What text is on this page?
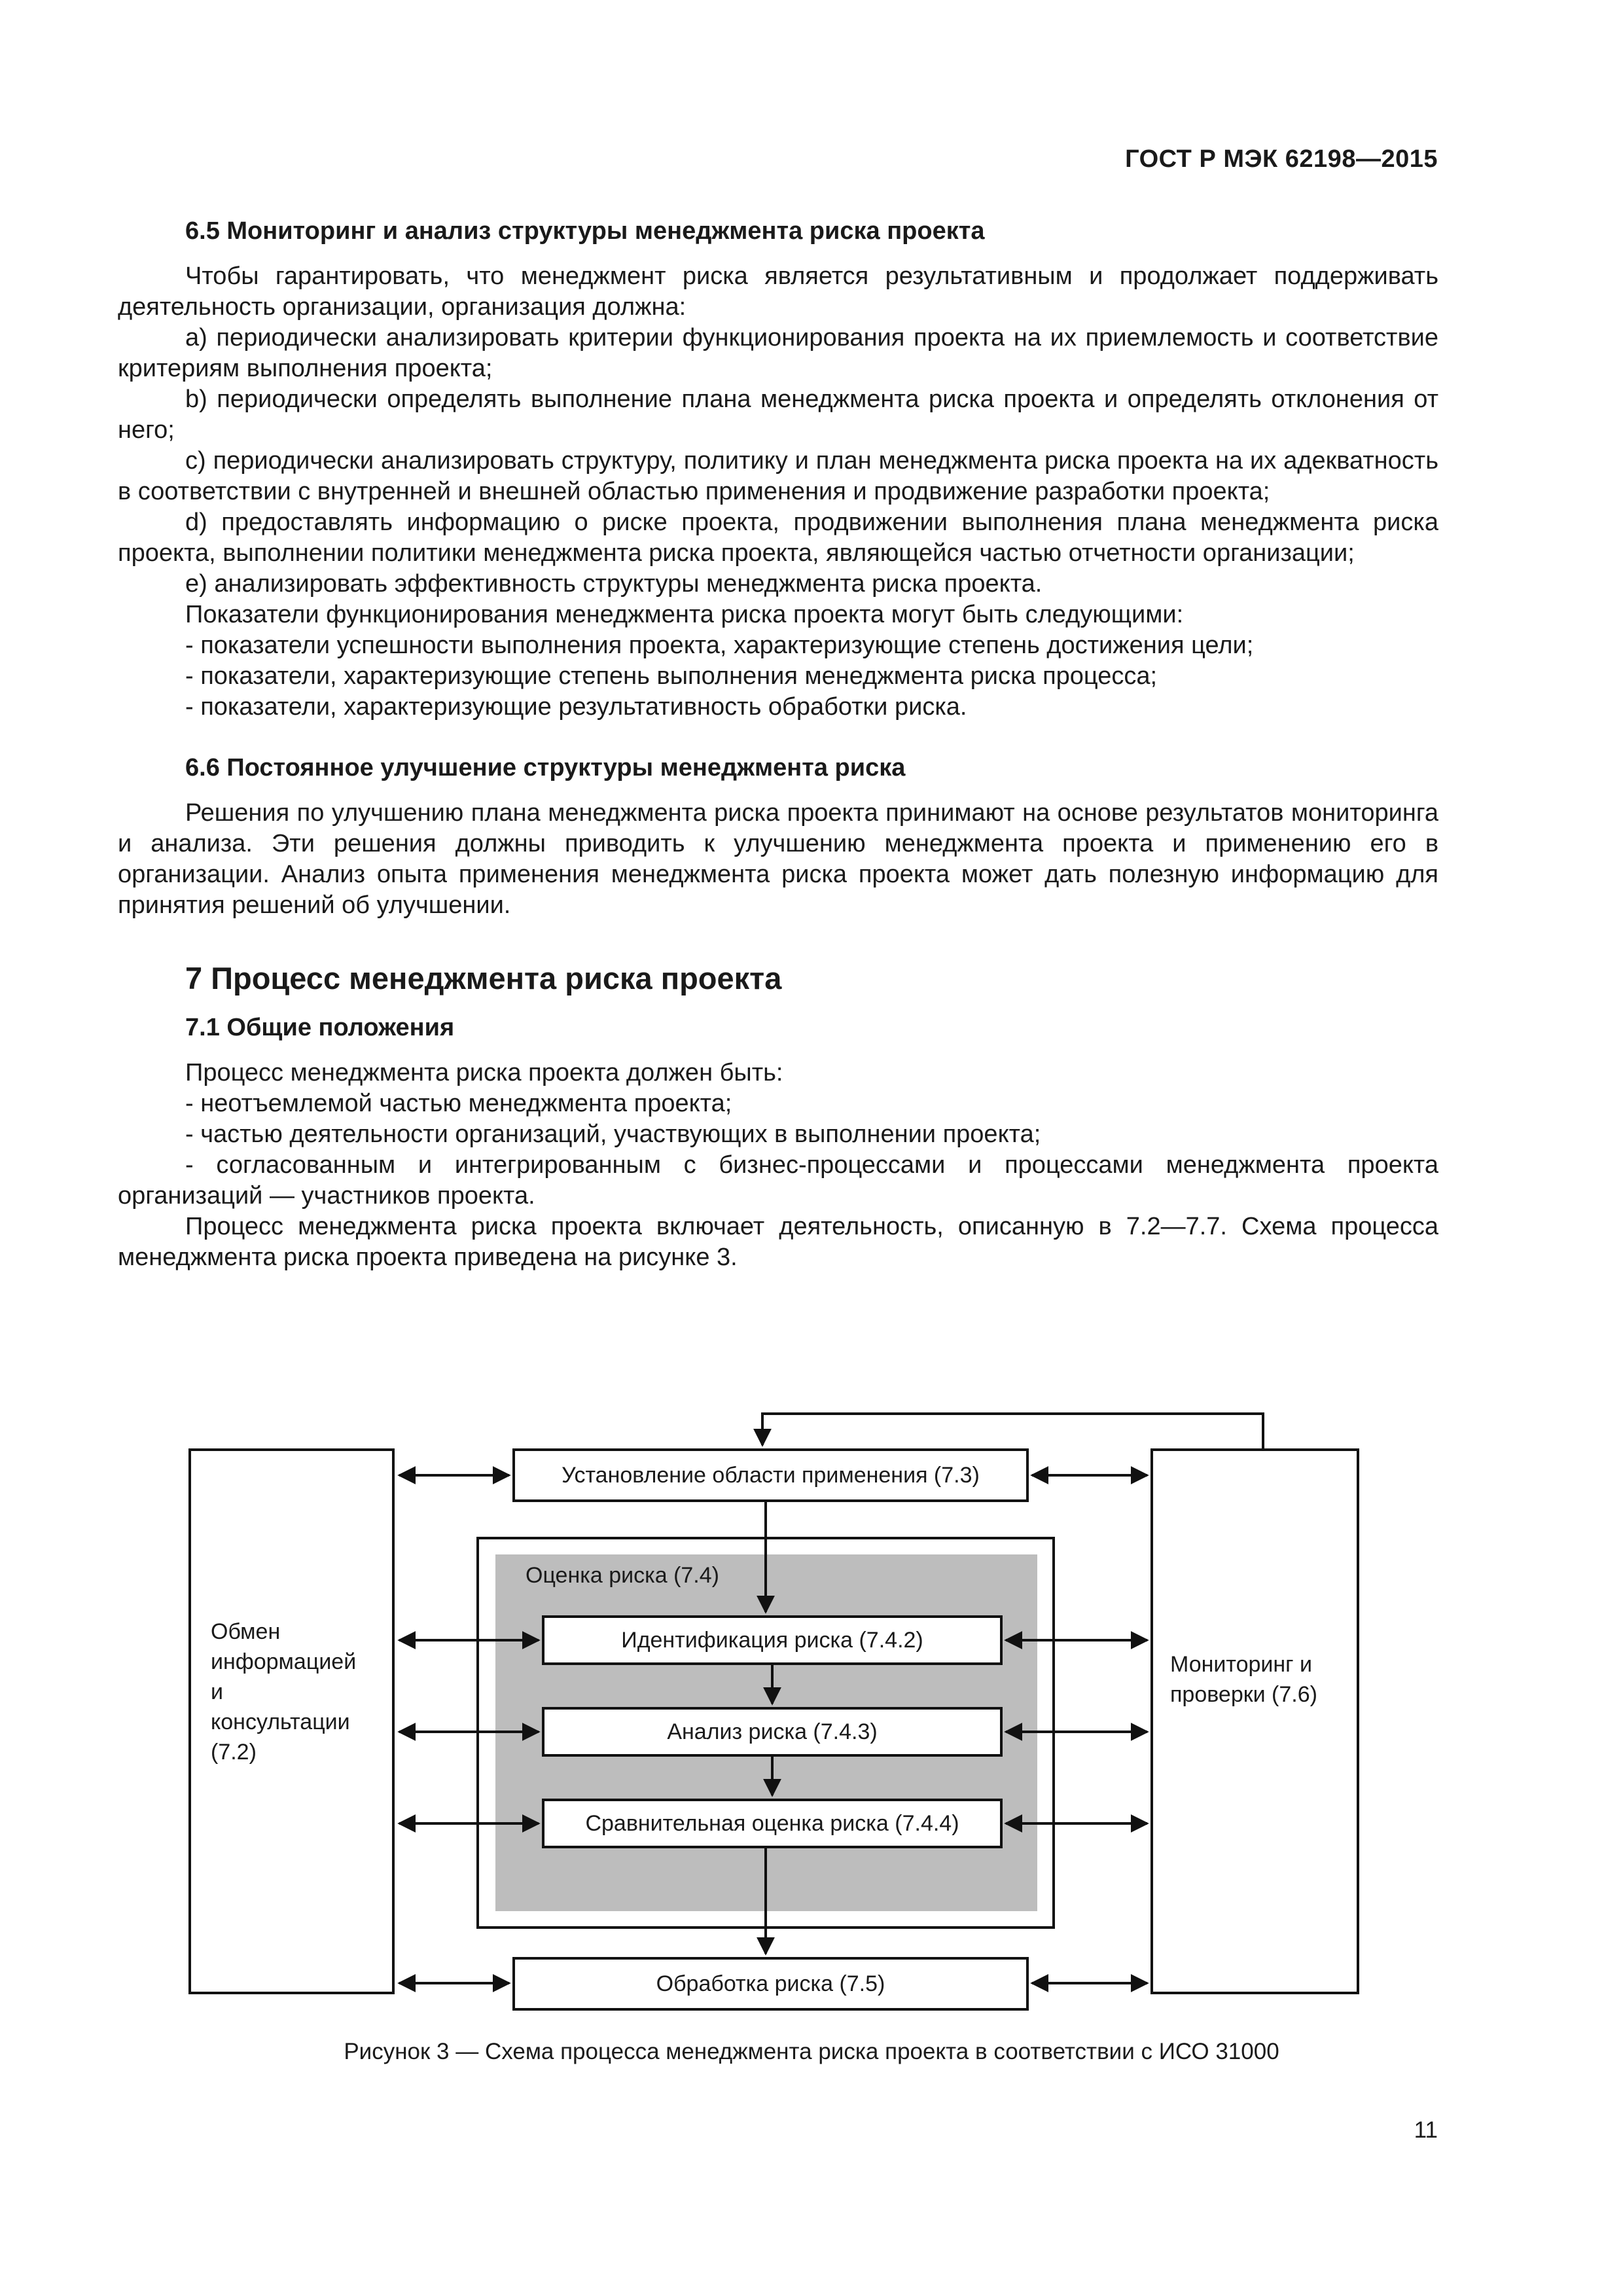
ГОСТ Р МЭК 62198—2015

6.5 Мониторинг и анализ структуры менеджмента риска проекта

Чтобы гарантировать, что менеджмент риска является результативным и продолжает поддерживать деятельность организации, организация должна:

a) периодически анализировать критерии функционирования проекта на их приемлемость и соответствие критериям выполнения проекта;

b) периодически определять выполнение плана менеджмента риска проекта и определять отклонения от него;

c) периодически анализировать структуру, политику и план менеджмента риска проекта на их адекватность в соответствии с внутренней и внешней областью применения и продвижение разработки проекта;

d) предоставлять информацию о риске проекта, продвижении выполнения плана менеджмента риска проекта, выполнении политики менеджмента риска проекта, являющейся частью отчетности организации;

e) анализировать эффективность структуры менеджмента риска проекта.

Показатели функционирования менеджмента риска проекта могут быть следующими:

- показатели успешности выполнения проекта, характеризующие степень достижения цели;

- показатели, характеризующие степень выполнения менеджмента риска процесса;

- показатели, характеризующие результативность обработки риска.

6.6 Постоянное улучшение структуры менеджмента риска

Решения по улучшению плана менеджмента риска проекта принимают на основе результатов мониторинга и анализа. Эти решения должны приводить к улучшению менеджмента проекта и применению его в организации. Анализ опыта применения менеджмента риска проекта может дать полезную информацию для принятия решений об улучшении.

7 Процесс менеджмента риска проекта

7.1 Общие положения

Процесс менеджмента риска проекта должен быть:

- неотъемлемой частью менеджмента проекта;

- частью деятельности организаций, участвующих в выполнении проекта;

- согласованным и интегрированным с бизнес-процессами и процессами менеджмента проекта организаций — участников проекта.

Процесс менеджмента риска проекта включает деятельность, описанную в 7.2—7.7. Схема процесса менеджмента риска проекта приведена на рисунке 3.

Обмен
информацией
и
консультации
(7.2)
Мониторинг и
проверки (7.6)
Установление области применения (7.3)
Оценка риска (7.4)
Идентификация риска (7.4.2)
Анализ риска (7.4.3)
Сравнительная оценка риска (7.4.4)
Обработка риска (7.5)
Рисунок 3 — Схема процесса менеджмента риска проекта в соответствии с ИСО 31000
11
